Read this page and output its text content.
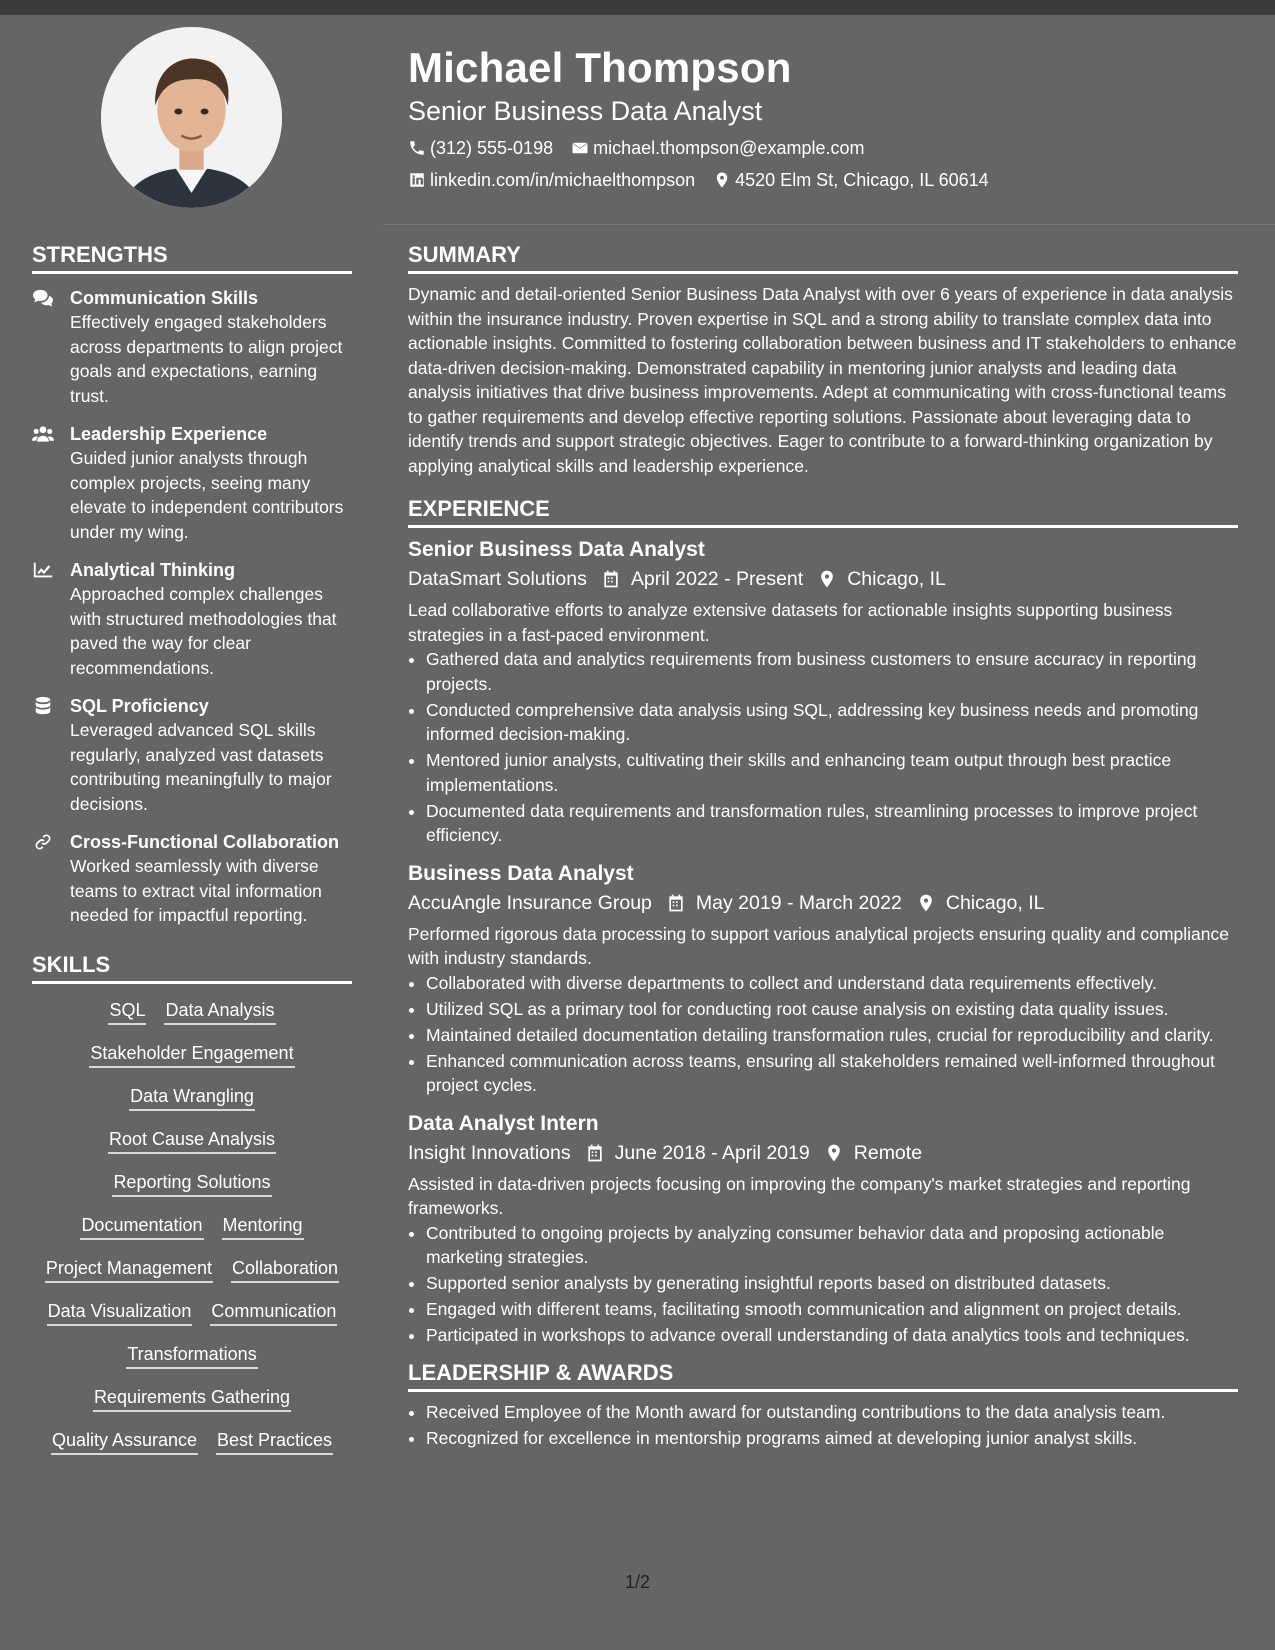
Michael Thompson
Senior Business Data Analyst
(312) 555-0198 michael.thompson@example.com
linkedin.com/in/michaelthompson 4520 Elm St, Chicago, IL 60614
STRENGTHS
Communication Skills
Effectively engaged stakeholders across departments to align project goals and expectations, earning trust.
Leadership Experience
Guided junior analysts through complex projects, seeing many elevate to independent contributors under my wing.
Analytical Thinking
Approached complex challenges with structured methodologies that paved the way for clear recommendations.
SQL Proficiency
Leveraged advanced SQL skills regularly, analyzed vast datasets contributing meaningfully to major decisions.
Cross-Functional Collaboration
Worked seamlessly with diverse teams to extract vital information needed for impactful reporting.
SKILLS
SQL Data Analysis
Stakeholder Engagement
Data Wrangling
Root Cause Analysis
Reporting Solutions
Documentation Mentoring
Project Management Collaboration
Data Visualization Communication
Transformations
Requirements Gathering
Quality Assurance Best Practices
SUMMARY

Dynamic and detail-oriented Senior Business Data Analyst with over 6 years of experience in data analysis within the insurance industry. Proven expertise in SQL and a strong ability to translate complex data into actionable insights. Committed to fostering collaboration between business and IT stakeholders to enhance data-driven decision-making. Demonstrated capability in mentoring junior analysts and leading data analysis initiatives that drive business improvements. Adept at communicating with cross-functional teams to gather requirements and develop effective reporting solutions. Passionate about leveraging data to identify trends and support strategic objectives. Eager to contribute to a forward-thinking organization by applying analytical skills and leadership experience.

EXPERIENCE
Senior Business Data Analyst
DataSmart Solutions April 2022 - Present Chicago, IL
Lead collaborative efforts to analyze extensive datasets for actionable insights supporting business strategies in a fast-paced environment.
• Gathered data and analytics requirements from business customers to ensure accuracy in reporting projects.
• Conducted comprehensive data analysis using SQL, addressing key business needs and promoting informed decision-making.
• Mentored junior analysts, cultivating their skills and enhancing team output through best practice implementations.
• Documented data requirements and transformation rules, streamlining processes to improve project efficiency.
Business Data Analyst
AccuAngle Insurance Group May 2019 - March 2022 Chicago, IL
Performed rigorous data processing to support various analytical projects ensuring quality and compliance with industry standards.
• Collaborated with diverse departments to collect and understand data requirements effectively.
• Utilized SQL as a primary tool for conducting root cause analysis on existing data quality issues.
• Maintained detailed documentation detailing transformation rules, crucial for reproducibility and clarity.
• Enhanced communication across teams, ensuring all stakeholders remained well-informed throughout project cycles.
Data Analyst Intern
Insight Innovations June 2018 - April 2019 Remote
Assisted in data-driven projects focusing on improving the company's market strategies and reporting frameworks.
• Contributed to ongoing projects by analyzing consumer behavior data and proposing actionable marketing strategies.
• Supported senior analysts by generating insightful reports based on distributed datasets.
• Engaged with different teams, facilitating smooth communication and alignment on project details.
• Participated in workshops to advance overall understanding of data analytics tools and techniques.
LEADERSHIP & AWARDS
• Received Employee of the Month award for outstanding contributions to the data analysis team.
• Recognized for excellence in mentorship programs aimed at developing junior analyst skills.
1/2
